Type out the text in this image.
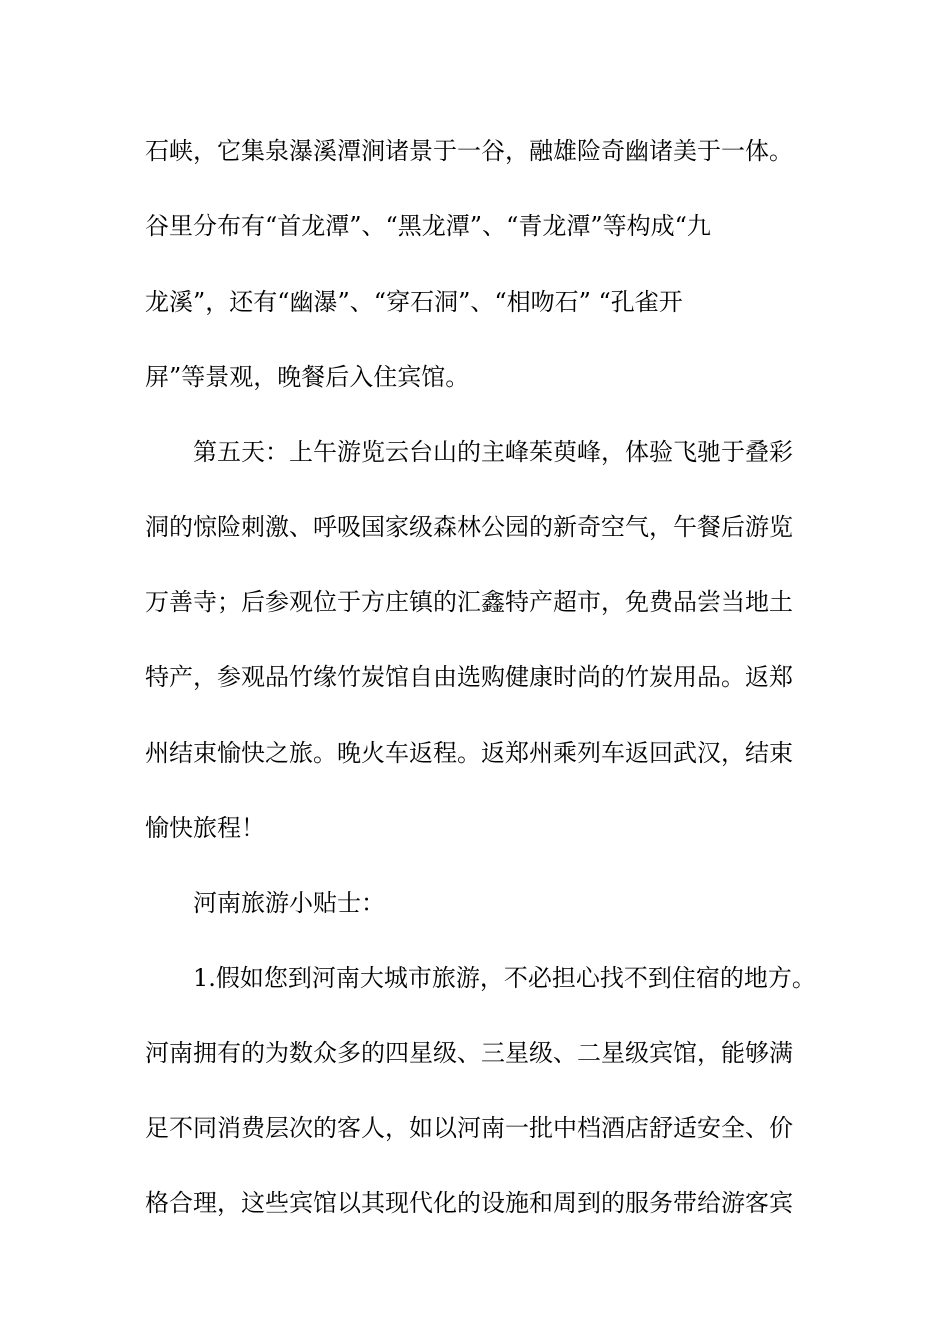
石峡，它集泉瀑溪潭涧诸景于一谷，融雄险奇幽诸美于一体。
谷里分布有“首龙潭”、“黑龙潭”、“青龙潭”等构成“九
龙溪”，还有“幽瀑”、“穿石洞”、“相吻石” “孔雀开
屏”等景观，晚餐后入住宾馆。
第五天：上午游览云台山的主峰茱萸峰，体验飞驰于叠彩
洞的惊险刺激、呼吸国家级森林公园的新奇空气，午餐后游览
万善寺；后参观位于方庄镇的汇鑫特产超市，免费品尝当地土
特产，参观品竹缘竹炭馆自由选购健康时尚的竹炭用品。返郑
州结束愉快之旅。晚火车返程。返郑州乘列车返回武汉，结束
愉快旅程！
河南旅游小贴士：
1.假如您到河南大城市旅游，不必担心找不到住宿的地方。
河南拥有的为数众多的四星级、三星级、二星级宾馆，能够满
足不同消费层次的客人，如以河南一批中档酒店舒适安全、价
格合理，这些宾馆以其现代化的设施和周到的服务带给游客宾
